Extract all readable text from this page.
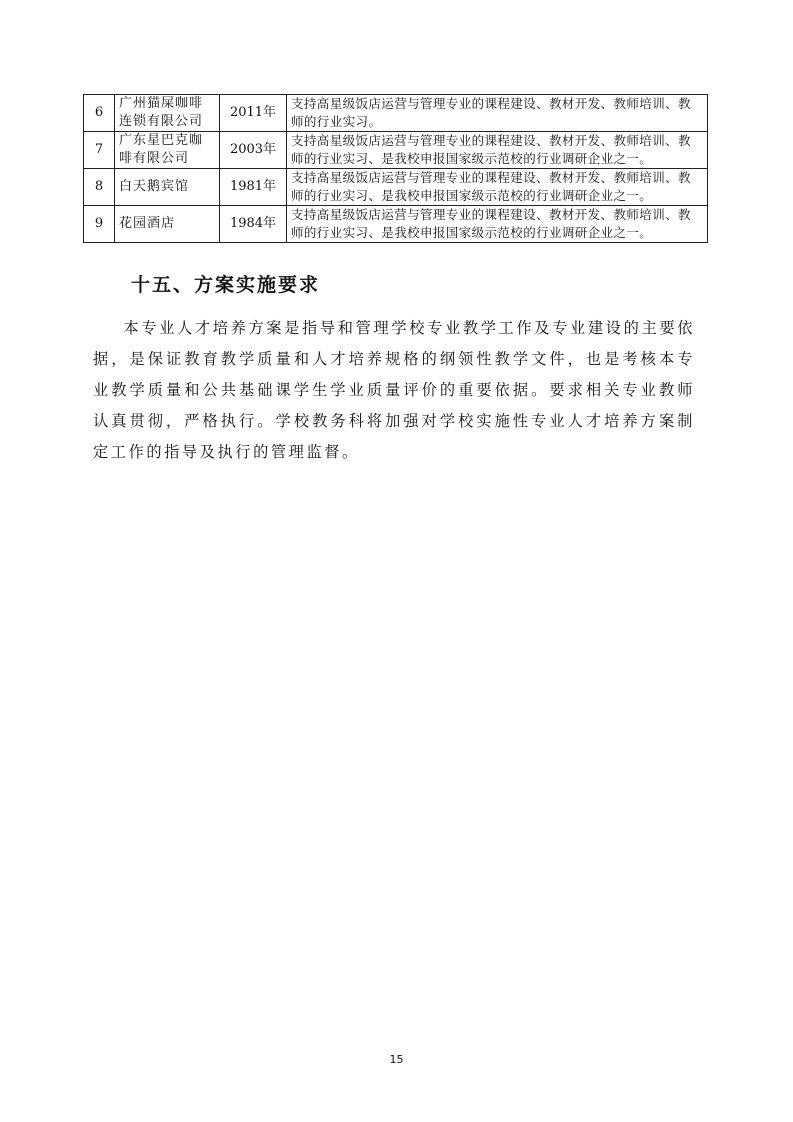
6	广州猫屎咖啡连锁有限公司	2011年	支持高星级饭店运营与管理专业的课程建设、教材开发、教师培训、教师的行业实习。
7	广东星巴克咖啡有限公司	2003年	支持高星级饭店运营与管理专业的课程建设、教材开发、教师培训、教师的行业实习、是我校申报国家级示范校的行业调研企业之一。
8	白天鹅宾馆	1981年	支持高星级饭店运营与管理专业的课程建设、教材开发、教师培训、教师的行业实习、是我校申报国家级示范校的行业调研企业之一。
9	花园酒店	1984年	支持高星级饭店运营与管理专业的课程建设、教材开发、教师培训、教师的行业实习、是我校申报国家级示范校的行业调研企业之一。
十五、方案实施要求

本专业人才培养方案是指导和管理学校专业教学工作及专业建设的主要依据，是保证教育教学质量和人才培养规格的纲领性教学文件，也是考核本专业教学质量和公共基础课学生学业质量评价的重要依据。要求相关专业教师认真贯彻，严格执行。学校教务科将加强对学校实施性专业人才培养方案制定工作的指导及执行的管理监督。

15
